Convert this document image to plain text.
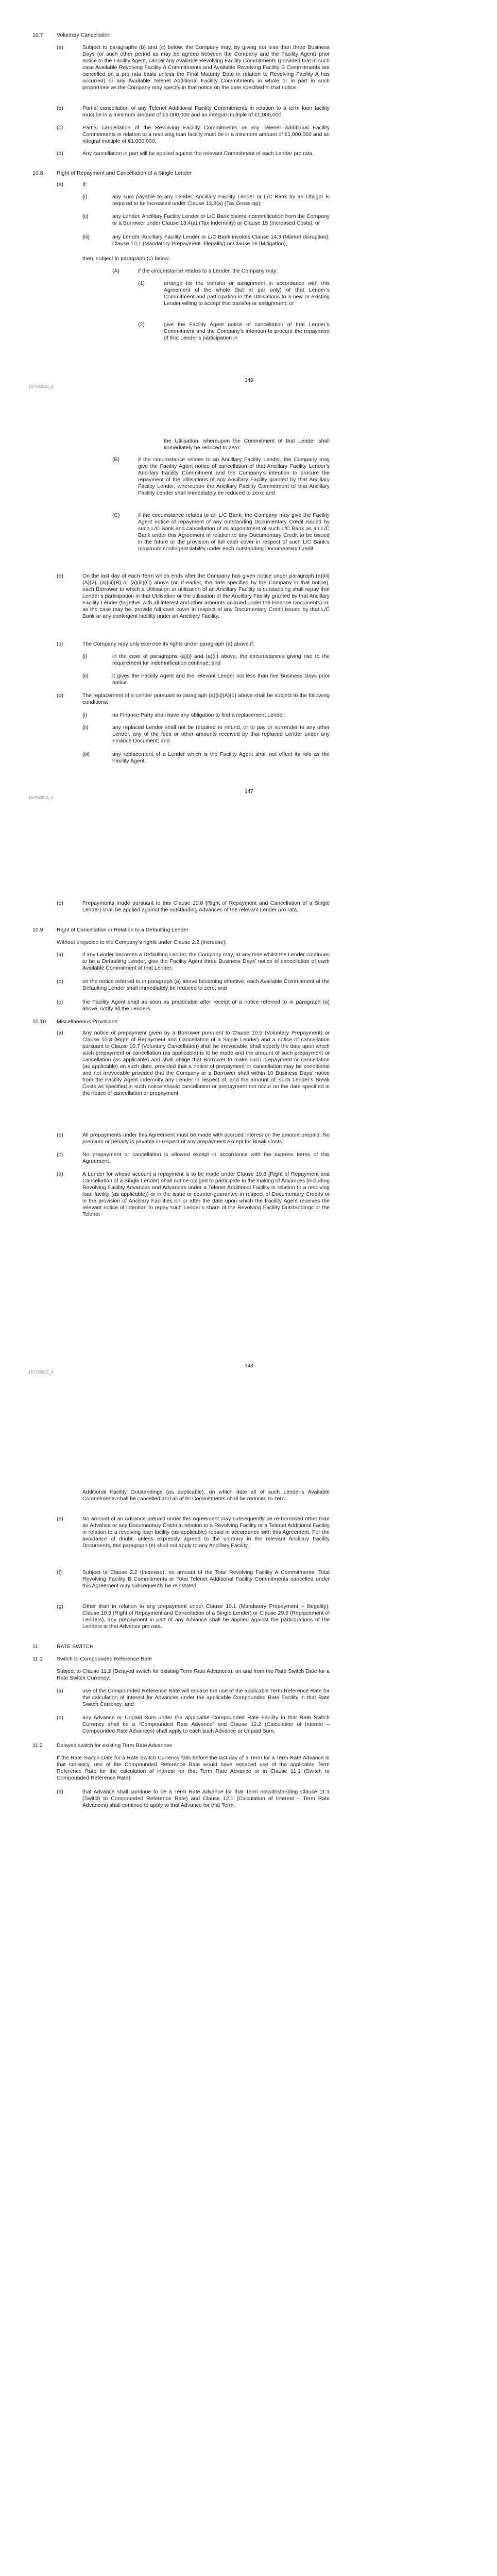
10.7	Voluntary Cancellation
(a)	Subject to paragraphs (b) and (c) below, the Company may, by giving not less than three Business Days (or such other period as may be agreed between the Company and the Facility Agent) prior notice to the Facility Agent, cancel any Available Revolving Facility Commitments (provided that in such case Available Revolving Facility A Commitments and Available Revolving Facility B Commitments are cancelled on a pro rata basis unless the Final Maturity Date in relation to Revolving Facility A has occurred) or any Available Telenet Additional Facility Commitments in whole or in part in such proportions as the Company may specify in that notice on the date specified in that notice.
(b)	Partial cancellation of any Telenet Additional Facility Commitments in relation to a term loan facility must be in a minimum amount of €5,000,000 and an integral multiple of €1,000,000.
(c)	Partial cancellation of the Revolving Facility Commitments or any Telenet Additional Facility Commitments in relation to a revolving loan facility must be in a minimum amount of €1,000,000 and an integral multiple of €1,000,000.
(d)	Any cancellation in part will be applied against the relevant Commitment of each Lender pro rata.
10.8	Right of Repayment and Cancellation of a Single Lender
(a)	If:
(i)	any sum payable to any Lender, Ancillary Facility Lender or L/C Bank by an Obligor is required to be increased under Clause 13.2(a) (Tax Gross-up);
(ii)	any Lender, Ancillary Facility Lender or L/C Bank claims indemnification from the Company or a Borrower under Clause 13.4(a) (Tax Indemnity) or Clause 15 (Increased Costs); or
(iii)	any Lender, Ancillary Facility Lender or L/C Bank invokes Clause 14.3 (Market disruption), Clause 10.1 (Mandatory Prepayment -Illegality) or Clause 16 (Mitigation),
then, subject to paragraph (c) below:
(A)	if the circumstance relates to a Lender, the Company may:
(1)	arrange for the transfer or assignment in accordance with this Agreement of the whole (but at par only) of that Lender’s Commitment and participation in the Utilisations to a new or existing Lender willing to accept that transfer or assignment; or
(2)	give the Facility Agent notice of cancellation of that Lender’s Commitment and the Company’s intention to procure the repayment of that Lender’s participation in
146
167763821_4
the Utilisation, whereupon the Commitment of that Lender shall immediately be reduced to zero;
(B)	if the circumstance relates to an Ancillary Facility Lender, the Company may give the Facility Agent notice of cancellation of that Ancillary Facility Lender’s Ancillary Facility Commitment and the Company’s intention to procure the repayment of the utilisations of any Ancillary Facility granted by that Ancillary Facility Lender, whereupon the Ancillary Facility Commitment of that Ancillary Facility Lender shall immediately be reduced to zero; and
(C)	if the circumstance relates to an L/C Bank, the Company may give the Facility Agent notice of repayment of any outstanding Documentary Credit issued by such L/C Bank and cancellation of its appointment of such L/C Bank as an L/C Bank under this Agreement in relation to any Documentary Credit to be issued in the future or the provision of full cash cover in respect of such L/C Bank’s maximum contingent liability under each outstanding Documentary Credit.
(b)	On the last day of each Term which ends after the Company has given notice under paragraph (a)(iii)(A)(2), (a)(iii)(B) or (a)(iii)(C) above (or, if earlier, the date specified by the Company in that notice), each Borrower to which a Utilisation or utilisation of an Ancillary Facility is outstanding shall repay that Lender’s participation in that Utilisation or the utilisation of the Ancillary Facility granted by that Ancillary Facility Lender (together with all interest and other amounts accrued under the Finance Documents) or, as the case may be, provide full cash cover in respect of any Documentary Credit issued by that L/C Bank or any contingent liability under an Ancillary Facility.
(c)	The Company may only exercise its rights under paragraph (a) above if:
(i)	in the case of paragraphs (a)(i) and (a)(ii) above, the circumstances giving rise to the requirement for indemnification continue; and
(ii)	it gives the Facility Agent and the relevant Lender not less than five Business Days prior notice.
(d)	The replacement of a Lender pursuant to paragraph (a)(iii)(A)(1) above shall be subject to the following conditions:
(i)	no Finance Party shall have any obligation to find a replacement Lender;
(ii)	any replaced Lender shall not be required to refund, or to pay or surrender to any other Lender, any of the fees or other amounts received by that replaced Lender under any Finance Document; and
(iii)	any replacement of a Lender which is the Facility Agent shall not effect its role as the Facility Agent.
147
167763821_4
(e)	Prepayments made pursuant to this Clause 10.8 (Right of Repayment and Cancellation of a Single Lender) shall be applied against the outstanding Advances of the relevant Lender pro rata.
10.9	Right of Cancellation in Relation to a Defaulting Lender
Without prejudice to the Company’s rights under Clause 2.2 (Increase):
(a)	if any Lender becomes a Defaulting Lender, the Company may, at any time whilst the Lender continues to be a Defaulting Lender, give the Facility Agent three Business Days’ notice of cancellation of each Available Commitment of that Lender;
(b)	on the notice referred to in paragraph (a) above becoming effective, each Available Commitment of the Defaulting Lender shall immediately be reduced to zero; and
(c)	the Facility Agent shall as soon as practicable after receipt of a notice referred to in paragraph (a) above, notify all the Lenders.
10.10 Miscellaneous Provisions
(a)	Any notice of prepayment given by a Borrower pursuant to Clause 10.5 (Voluntary Prepayment) or Clause 10.8 (Right of Repayment and Cancellation of a Single Lender) and a notice of cancellation pursuant to Clause 10.7 (Voluntary Cancellation) shall be irrevocable, shall specify the date upon which such prepayment or cancellation (as applicable) is to be made and the amount of such prepayment or cancellation (as applicable) and shall oblige that Borrower to make such prepayment or cancellation (as applicable) on such date, provided that a notice of prepayment or cancellation may be conditional and not irrevocable provided that the Company or a Borrower shall within 10 Business Days’ notice from the Facility Agent indemnify any Lender in respect of, and the amount of, such Lender’s Break Costs as specified in such notice should cancellation or prepayment not occur on the date specified in the notice of cancellation or prepayment.
(b)	All prepayments under this Agreement must be made with accrued interest on the amount prepaid. No premium or penalty is payable in respect of any prepayment except for Break Costs.
(c)	No prepayment or cancellation is allowed except in accordance with the express terms of this Agreement.
(d)	A Lender for whose account a repayment is to be made under Clause 10.8 (Right of Repayment and Cancellation of a Single Lender) shall not be obliged to participate in the making of Advances (including Revolving Facility Advances and Advances under a Telenet Additional Facility in relation to a revolving loan facility (as applicable)) or in the issue or counter-guarantee in respect of Documentary Credits or in the provision of Ancillary Facilities on or after the date upon which the Facility Agent receives the relevant notice of intention to repay such Lender’s share of the Revolving Facility Outstandings or the Telenet
148
167763821_4
Additional Facility Outstandings (as applicable), on which date all of such Lender’s Available Commitments shall be cancelled and all of its Commitments shall be reduced to zero.
(e)	No amount of an Advance prepaid under this Agreement may subsequently be re-borrowed other than an Advance or any Documentary Credit in relation to a Revolving Facility or a Telenet Additional Facility in relation to a revolving loan facility (as applicable) repaid in accordance with this Agreement. For the avoidance of doubt, unless expressly agreed to the contrary in the relevant Ancillary Facility Documents, this paragraph (e) shall not apply to any Ancillary Facility.
(f)	Subject to Clause 2.2 (Increase), no amount of the Total Revolving Facility A Commitments, Total Revolving Facility B Commitments or Total Telenet Additional Facility Commitments cancelled under this Agreement may subsequently be reinstated.
(g)	Other than in relation to any prepayment under Clause 10.1 (Mandatory Prepayment – Illegality), Clause 10.8 (Right of Repayment and Cancellation of a Single Lender) or Clause 29.6 (Replacement of Lenders), any prepayment in part of any Advance shall be applied against the participations of the Lenders in that Advance pro rata.
11.	RATE SWITCH
11.1	Switch to Compounded Reference Rate
Subject to Clause 11.2 (Delayed switch for existing Term Rate Advances), on and from the Rate Switch Date for a Rate Switch Currency:
(a)	use of the Compounded Reference Rate will replace the use of the applicable Term Reference Rate for the calculation of interest for Advances under the applicable Compounded Rate Facility in that Rate Switch Currency; and
(b)	any Advance or Unpaid Sum under the applicable Compounded Rate Facility in that Rate Switch Currency shall be a “Compounded Rate Advance” and Clause 12.2 (Calculation of Interest – Compounded Rate Advances) shall apply to each such Advance or Unpaid Sum.
11.2	Delayed switch for existing Term Rate Advances
If the Rate Switch Date for a Rate Switch Currency falls before the last day of a Term for a Term Rate Advance in that currency, use of the Compounded Reference Rate would have replaced use of the applicable Term Reference Rate for the calculation of interest for that Term Rate Advance or in Clause 11.1 (Switch to Compounded Reference Rate):
(a)	that Advance shall continue to be a Term Rate Advance for that Term notwithstanding Clause 11.1 (Switch to Compounded Reference Rate) and Clause 12.1 (Calculation of Interest – Term Rate Advances) shall continue to apply to that Advance for that Term;
